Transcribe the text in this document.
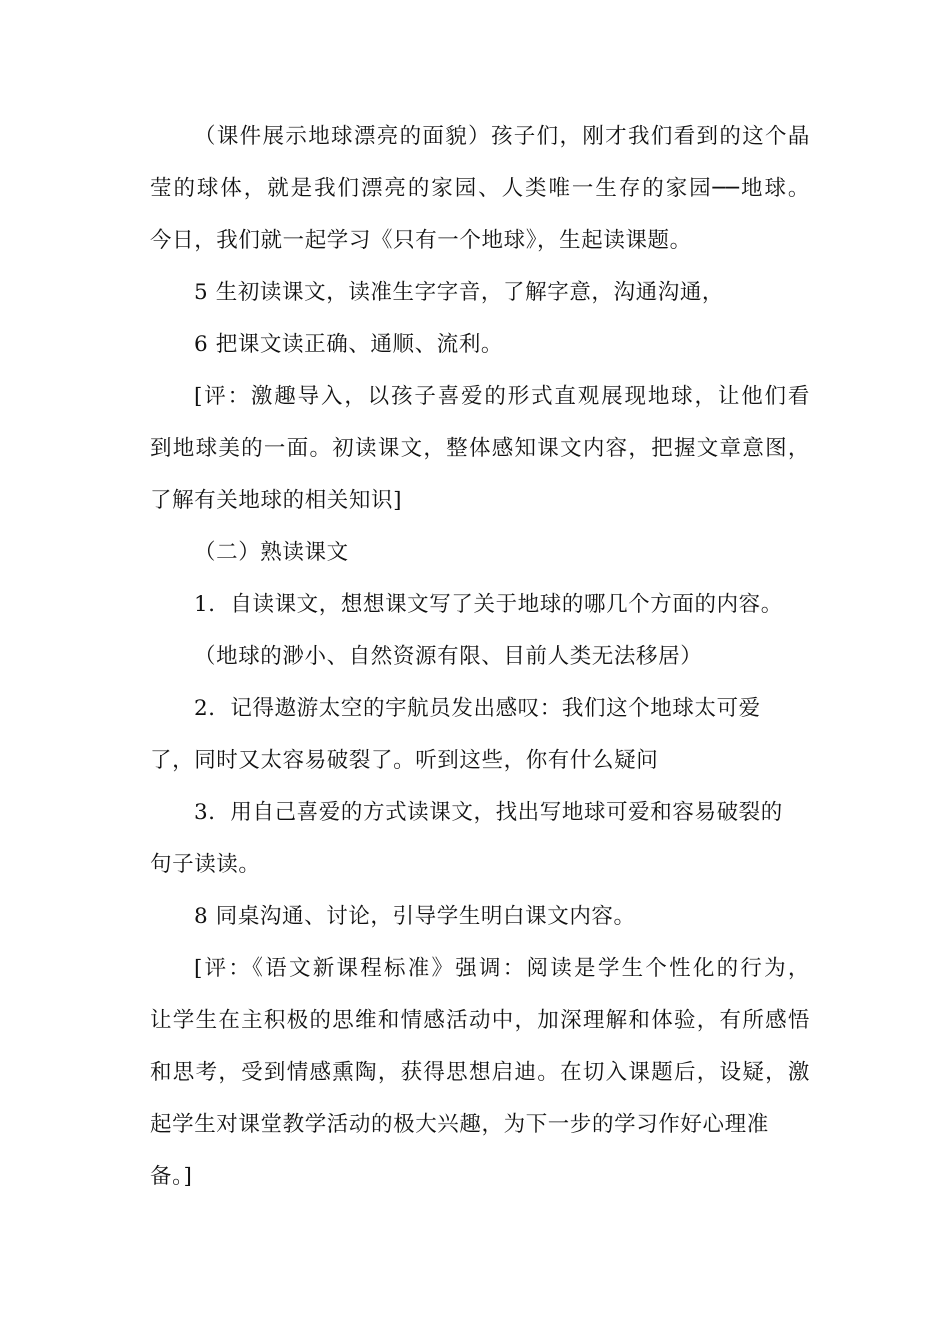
（课件展示地球漂亮的面貌）孩子们，刚才我们看到的这个晶
莹的球体，就是我们漂亮的家园、人类唯一生存的家园──地球。
今日，我们就一起学习《只有一个地球》，生起读课题。
5 生初读课文，读准生字字音，了解字意，沟通沟通，
6 把课文读正确、通顺、流利。
[评：激趣导入，以孩子喜爱的形式直观展现地球，让他们看
到地球美的一面。初读课文，整体感知课文内容，把握文章意图，
了解有关地球的相关知识]
（二）熟读课文
1．自读课文，想想课文写了关于地球的哪几个方面的内容。
（地球的渺小、自然资源有限、目前人类无法移居）
2．记得遨游太空的宇航员发出感叹：我们这个地球太可爱
了，同时又太容易破裂了。听到这些，你有什么疑问
3．用自己喜爱的方式读课文，找出写地球可爱和容易破裂的
句子读读。
8 同桌沟通、讨论，引导学生明白课文内容。
[评：《语文新课程标准》强调：阅读是学生个性化的行为，
让学生在主积极的思维和情感活动中，加深理解和体验，有所感悟
和思考，受到情感熏陶，获得思想启迪。在切入课题后，设疑，激
起学生对课堂教学活动的极大兴趣，为下一步的学习作好心理准
备。]
